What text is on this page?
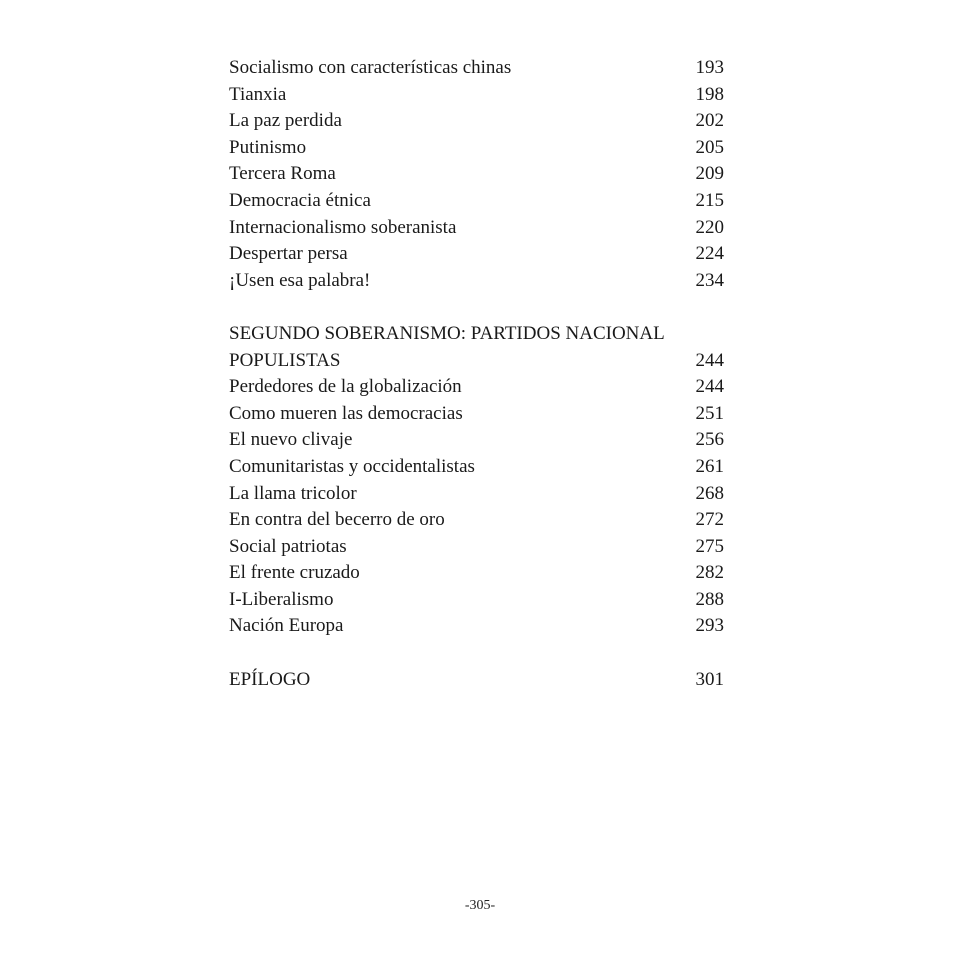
Socialismo con características chinas	193
Tianxia	198
La paz perdida	202
Putinismo	205
Tercera Roma	209
Democracia étnica	215
Internacionalismo soberanista	220
Despertar persa	224
¡Usen esa palabra!	234
SEGUNDO SOBERANISMO: PARTIDOS NACIONAL
POPULISTAS	244
Perdedores de la globalización	244
Como mueren las democracias	251
El nuevo clivaje	256
Comunitaristas y occidentalistas	261
La llama tricolor	268
En contra del becerro de oro	272
Social patriotas	275
El frente cruzado	282
I-Liberalismo	288
Nación Europa	293
EPÍLOGO	301
-305-
